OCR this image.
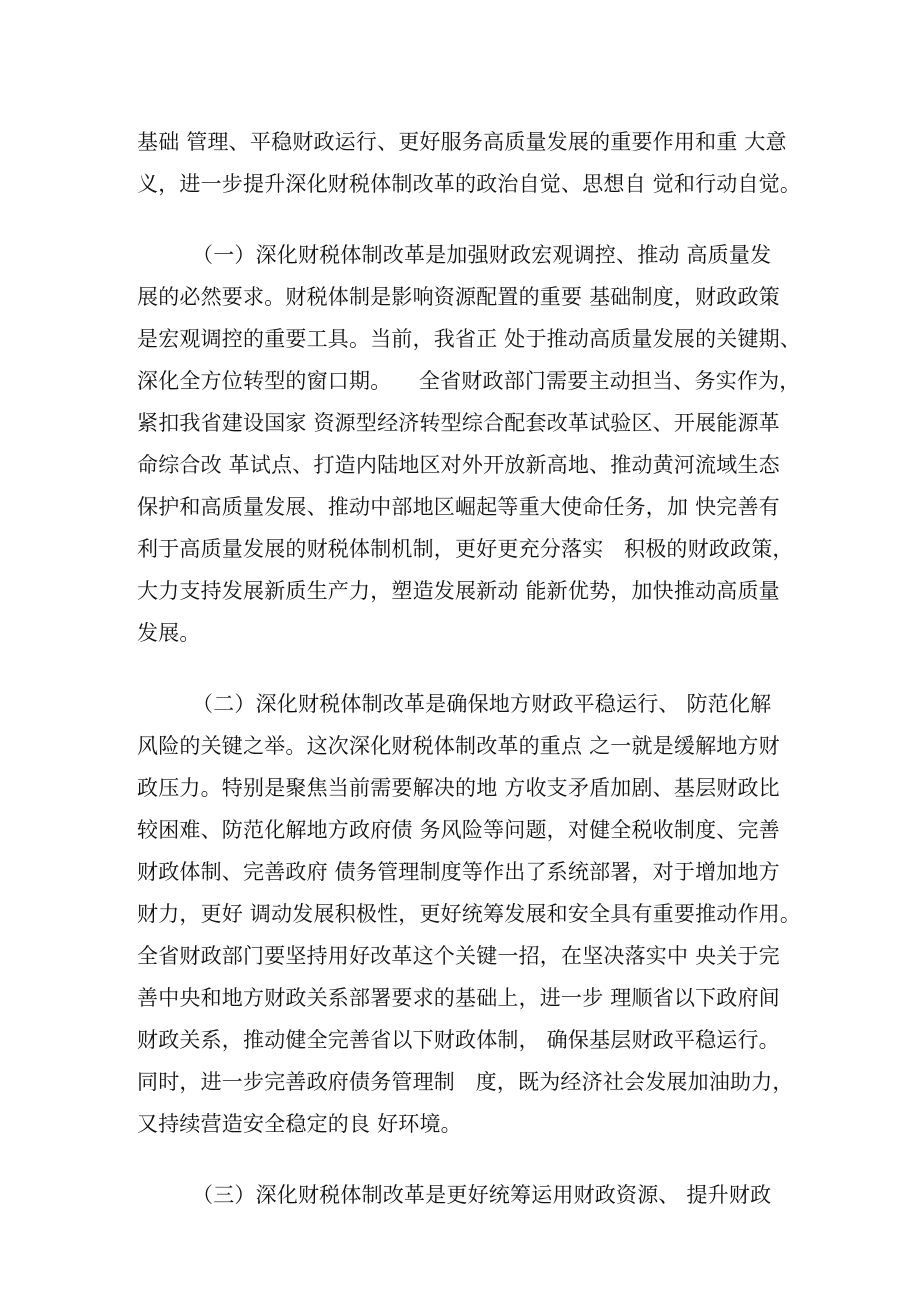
基础 管理、平稳财政运行、更好服务高质量发展的重要作用和重 大意
义，进一步提升深化财税体制改革的政治自觉、思想自 觉和行动自觉。
（一）深化财税体制改革是加强财政宏观调控、推动 高质量发
展的必然要求。财税体制是影响资源配置的重要 基础制度，财政政策
是宏观调控的重要工具。当前，我省正 处于推动高质量发展的关键期、
深化全方位转型的窗口期。    全省财政部门需要主动担当、务实作为，
紧扣我省建设国家 资源型经济转型综合配套改革试验区、开展能源革
命综合改 革试点、打造内陆地区对外开放新高地、推动黄河流域生态
保护和高质量发展、推动中部地区崛起等重大使命任务，加 快完善有
利于高质量发展的财税体制机制，更好更充分落实   积极的财政政策，
大力支持发展新质生产力，塑造发展新动 能新优势，加快推动高质量
发展。
（二）深化财税体制改革是确保地方财政平稳运行、 防范化解
风险的关键之举。这次深化财税体制改革的重点 之一就是缓解地方财
政压力。特别是聚焦当前需要解决的地 方收支矛盾加剧、基层财政比
较困难、防范化解地方政府债 务风险等问题，对健全税收制度、完善
财政体制、完善政府 债务管理制度等作出了系统部署，对于增加地方
财力，更好 调动发展积极性，更好统筹发展和安全具有重要推动作用。
全省财政部门要坚持用好改革这个关键一招，在坚决落实中 央关于完
善中央和地方财政关系部署要求的基础上，进一步 理顺省以下政府间
财政关系，推动健全完善省以下财政体制， 确保基层财政平稳运行。
同时，进一步完善政府债务管理制   度，既为经济社会发展加油助力，
又持续营造安全稳定的良 好环境。
（三）深化财税体制改革是更好统筹运用财政资源、 提升财政
